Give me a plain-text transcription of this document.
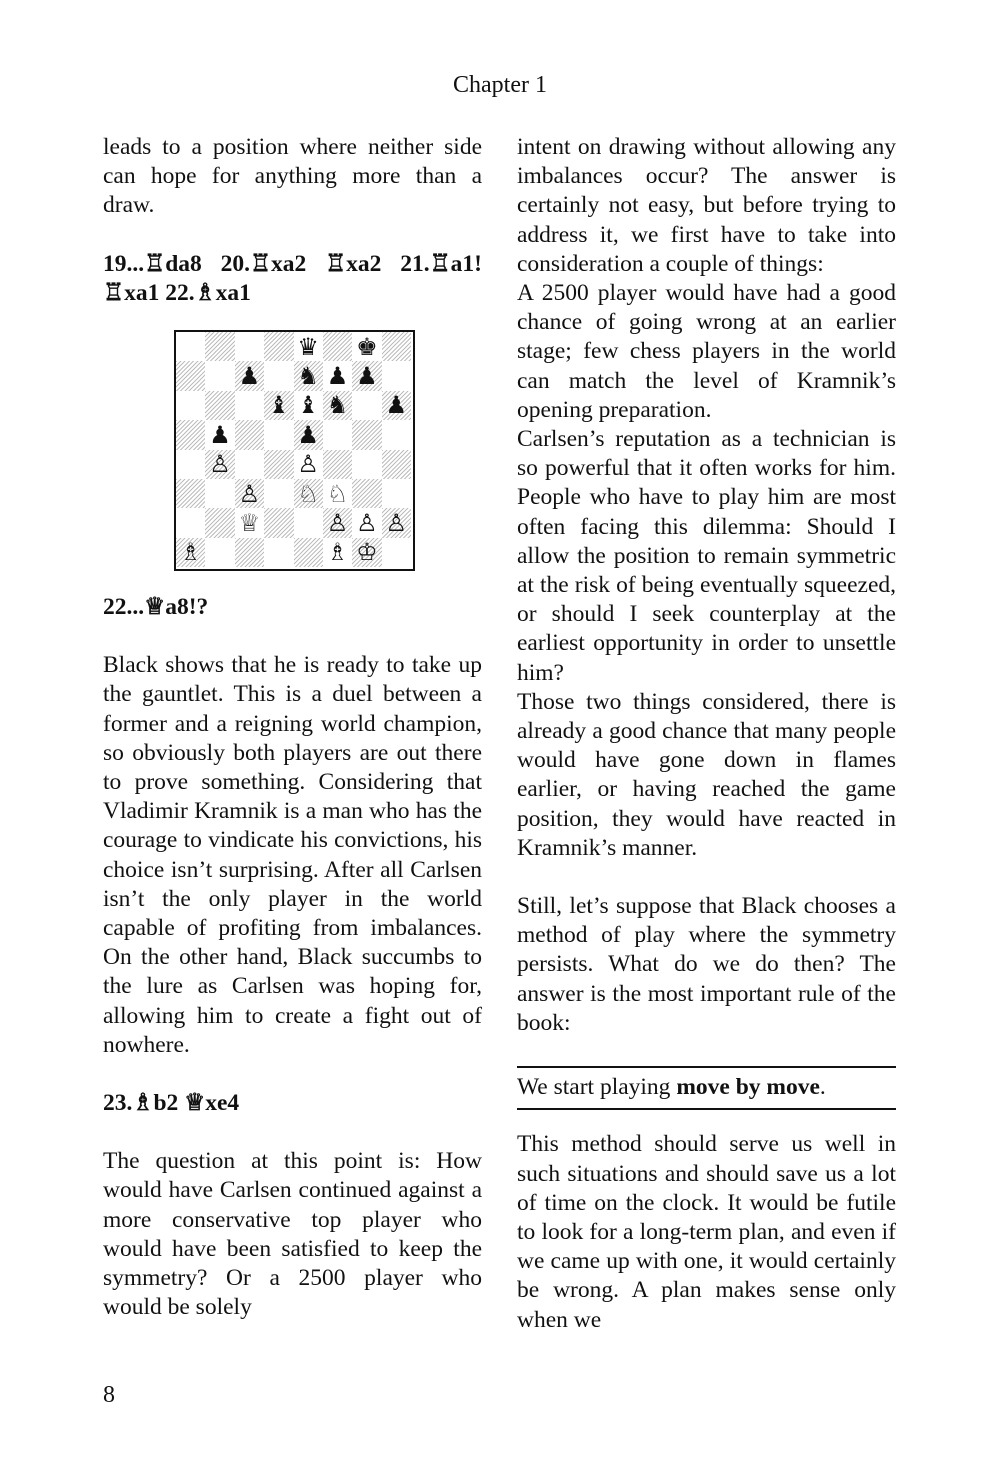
Chapter 1

leads to a position where neither side can hope for anything more than a draw.

19...♖da8 20.♖xa2 ♖xa2 21.♖a1! ♖xa1 22.♗xa1

♛ ♚
♟ ♞ ♟ ♟
♝ ♝ ♞ ♟
♟	♟
♙	♙
♙ ♘ ♘
♕	♙ ♙ ♙
♗	♗ ♔

22...♕a8!?

Black shows that he is ready to take up the gauntlet. This is a duel between a former and a reigning world champion, so obviously both players are out there to prove something. Considering that Vladimir Kramnik is a man who has the courage to vindicate his convictions, his choice isn’t surprising. After all Carlsen isn’t the only player in the world capable of profiting from imbalances. On the other hand, Black succumbs to the lure as Carlsen was hoping for, allowing him to create a fight out of nowhere.

23.♗b2 ♕xe4

The question at this point is: How would have Carlsen continued against a more conservative top player who would have been satisfied to keep the symmetry? Or a 2500 player who would be solely

intent on drawing without allowing any imbalances occur? The answer is certainly not easy, but before trying to address it, we first have to take into consideration a couple of things:

A 2500 player would have had a good chance of going wrong at an earlier stage; few chess players in the world can match the level of Kramnik’s opening preparation.

Carlsen’s reputation as a technician is so powerful that it often works for him. People who have to play him are most often facing this dilemma: Should I allow the position to remain symmetric at the risk of being eventually squeezed, or should I seek counterplay at the earliest opportunity in order to unsettle him?

Those two things considered, there is already a good chance that many people would have gone down in flames earlier, or having reached the game position, they would have reacted in Kramnik’s manner.

Still, let’s suppose that Black chooses a method of play where the symmetry persists. What do we do then? The answer is the most important rule of the book:

We start playing move by move.

This method should serve us well in such situations and should save us a lot of time on the clock. It would be futile to look for a long-term plan, and even if we came up with one, it would certainly be wrong. A plan makes sense only when we

8
